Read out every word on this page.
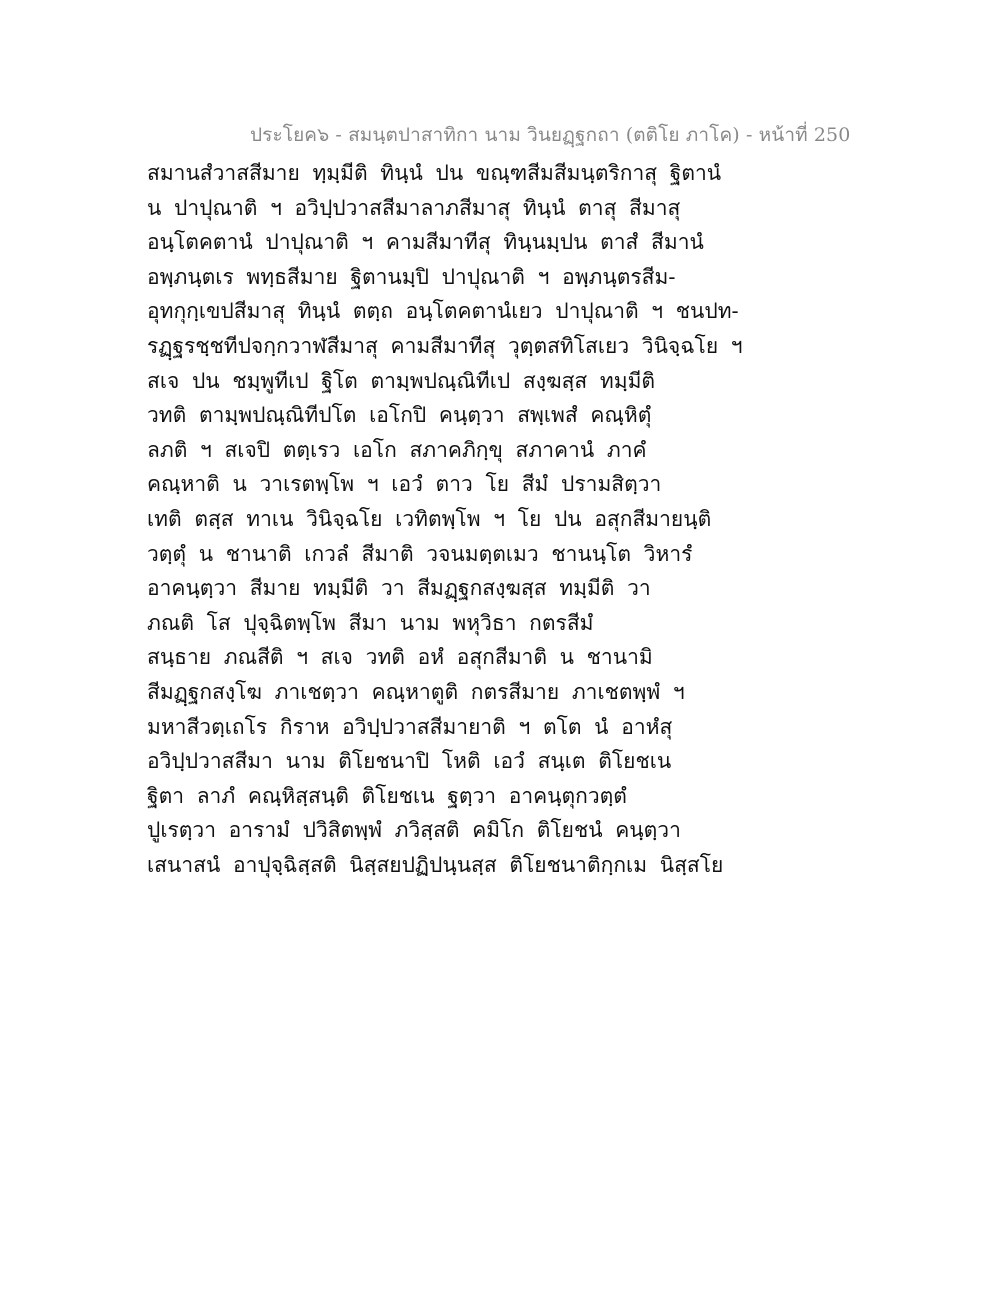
ประโยค๖ - สมนฺตปาสาทิกา นาม วินยฏฺฐกถา (ตติโย ภาโค) - หน้าที่ 250
สมานสํวาสสีมาย ทฺมฺมีติ ทินฺนํ ปน ขณฺฑสีมสีมนฺตริกาสุ ฐิตานํ
น ปาปุณาติ ฯ อวิปฺปวาสสีมาลาภสีมาสุ ทินฺนํ ตาสุ สีมาสุ
อนฺโตคตานํ ปาปุณาติ ฯ คามสีมาทีสุ ทินฺนมฺปน ตาสํ สีมานํ
อพฺภนฺตเร พทฺธสีมาย ฐิตานมฺปิ ปาปุณาติ ฯ อพฺภนฺตรสีม-
อุทกุกฺเขปสีมาสุ ทินฺนํ ตตฺถ อนฺโตคตานํเยว ปาปุณาติ ฯ ชนปท-
รฏฺฐรชฺชทีปจกฺกวาฬสีมาสุ คามสีมาทีสุ วุตฺตสทิโสเยว วินิจฺฉโย ฯ
สเจ ปน ชมฺพูทีเป ฐิโต ตามฺพปณฺณิทีเป สงฺฆสฺส ทมฺมีติ
วทติ ตามฺพปณฺณิทีปโต เอโกปิ คนฺตฺวา สพฺเพสํ คณฺหิตุํ
ลภติ ฯ สเจปิ ตตฺเรว เอโก สภาคภิกฺขุ สภาคานํ ภาคํ
คณฺหาติ น วาเรตพฺโพ ฯ เอวํ ตาว โย สีมํ ปรามสิตฺวา
เทติ ตสฺส ทาเน วินิจฺฉโย เวทิตพฺโพ ฯ โย ปน อสุกสีมายนฺติ
วตฺตุํ น ชานาติ เกวลํ สีมาติ วจนมตฺตเมว ชานนฺโต วิหารํ
อาคนฺตฺวา สีมาย ทมฺมีติ วา สีมฏฺฐกสงฺฆสฺส ทมฺมีติ วา
ภณติ โส ปุจฺฉิตพฺโพ สีมา นาม พหุวิธา กตรสีมํ
สนฺธาย ภณสีติ ฯ สเจ วทติ อหํ อสุกสีมาติ น ชานามิ
สีมฏฺฐกสงฺโฆ ภาเชตฺวา คณฺหาตูติ กตรสีมาย ภาเชตพฺพํ ฯ
มหาสีวตฺเถโร กิราห อวิปฺปวาสสีมายาติ ฯ ตโต นํ อาหํสุ
อวิปฺปวาสสีมา นาม ติโยชนาปิ โหติ เอวํ สนฺเต ติโยชเน
ฐิตา ลาภํ คณฺหิสฺสนฺติ ติโยชเน ฐตฺวา อาคนฺตุกวตฺตํ
ปูเรตฺวา อารามํ ปวิสิตพฺพํ ภวิสฺสติ คมิโก ติโยชนํ คนฺตฺวา
เสนาสนํ อาปุจฺฉิสฺสติ นิสฺสยปฏิปนฺนสฺส ติโยชนาติกฺกเม นิสฺสโย
